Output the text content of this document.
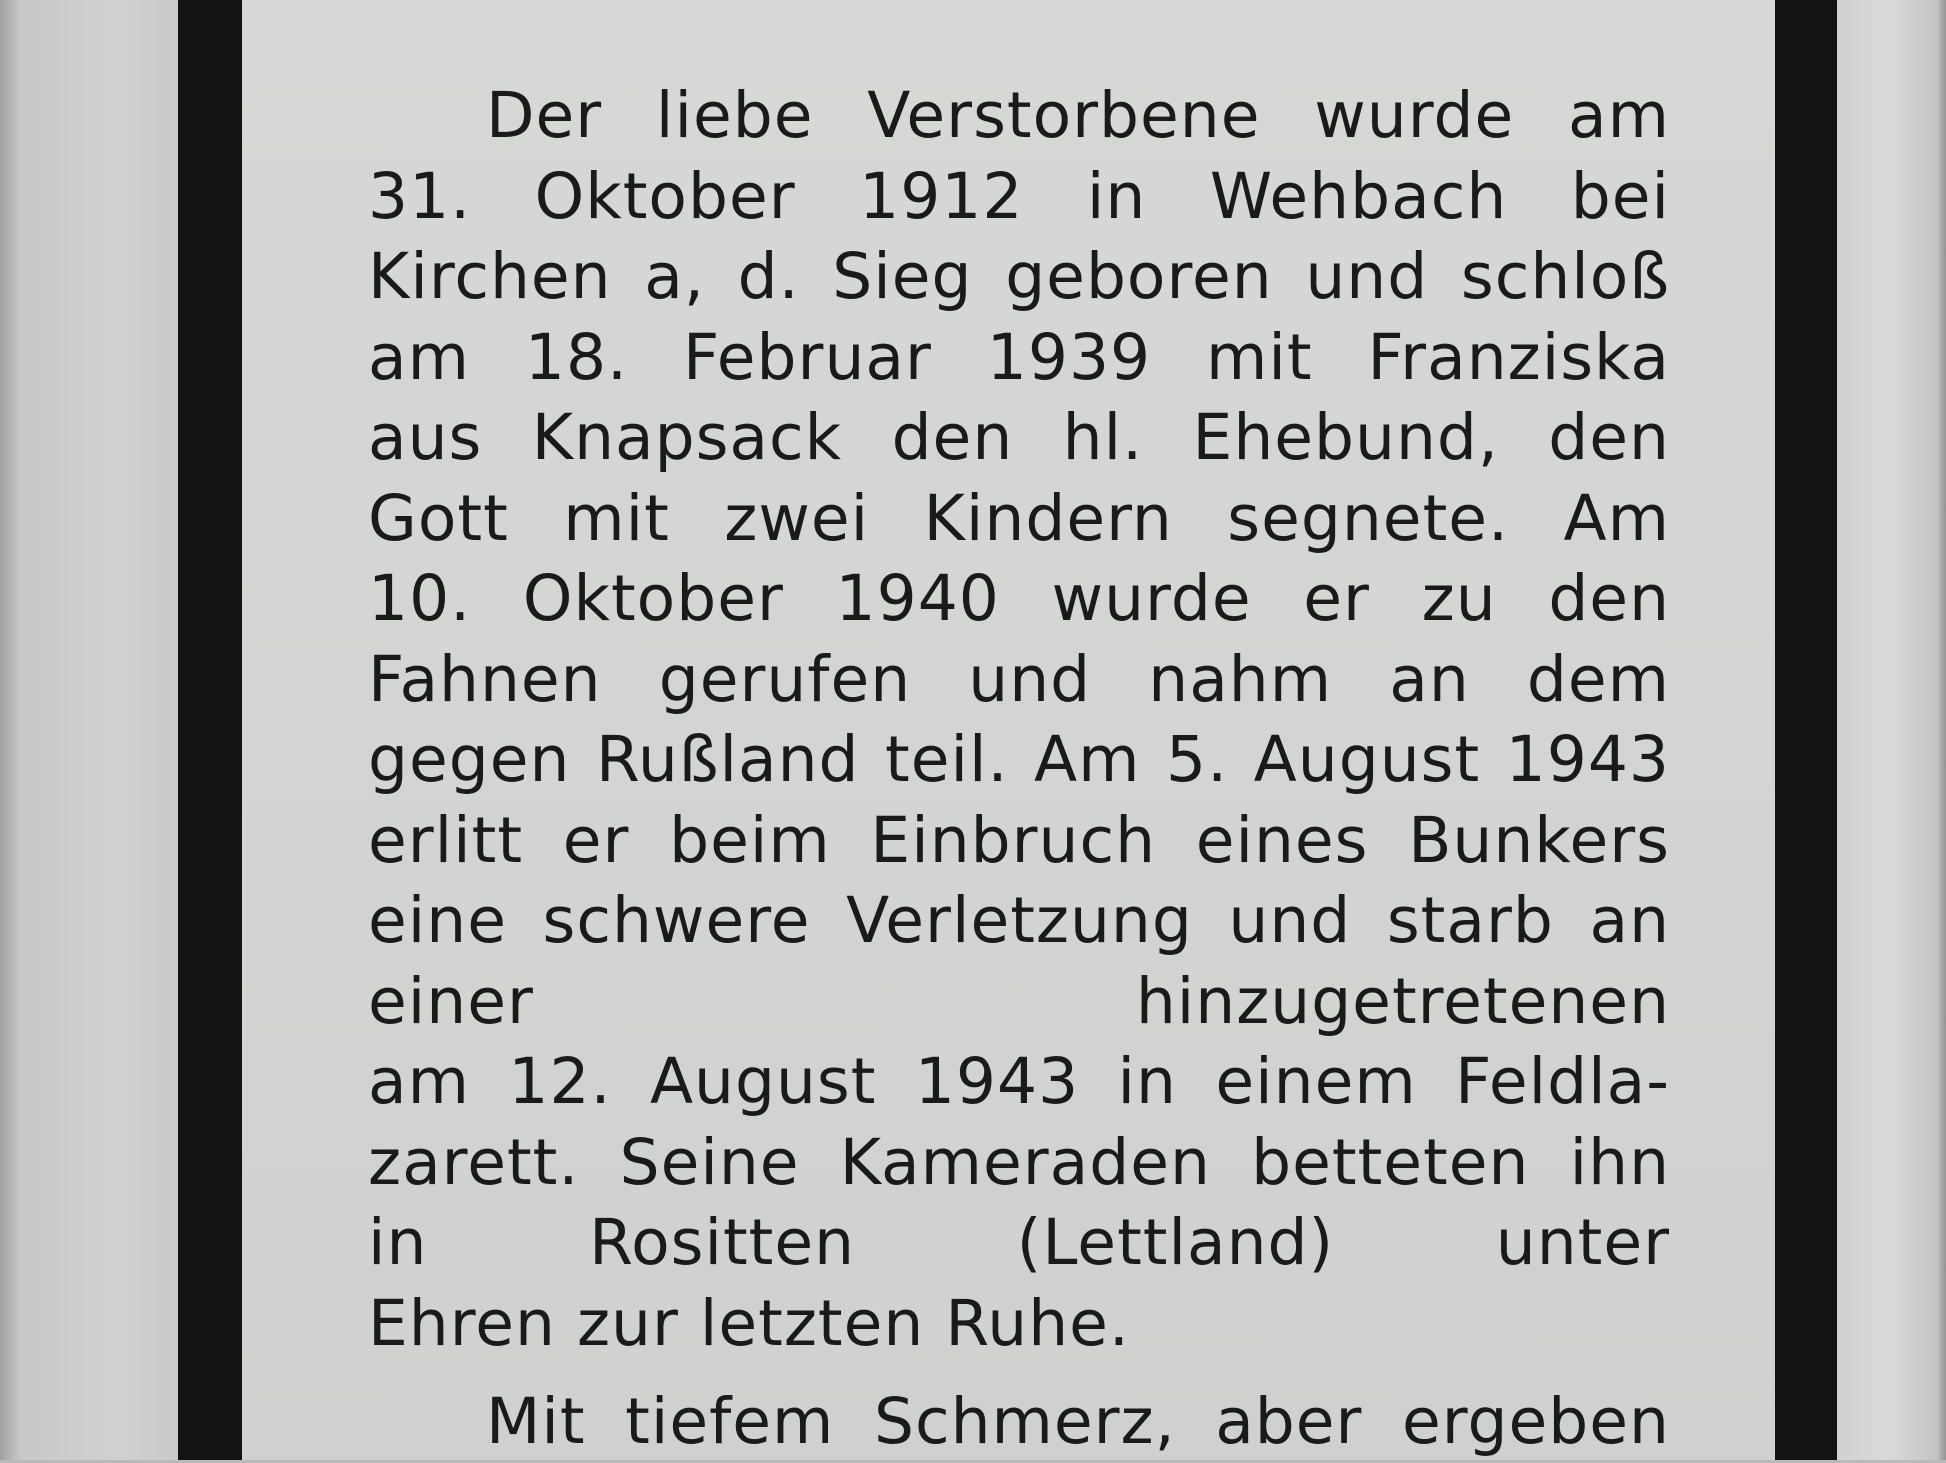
Der liebe Verstorbene wurde am
31. Oktober 1912 in Wehbach bei
Kirchen a, d. Sieg geboren und schloß
am 18. Februar 1939 mit Franziska
aus Knapsack den hl. Ehebund, den
Gott mit zwei Kindern segnete. Am
10. Oktober 1940 wurde er zu den
Fahnen gerufen und nahm an dem
gegen Rußland teil. Am 5. August 1943
erlitt er beim Einbruch eines Bunkers
eine schwere Verletzung und starb an
einer hinzugetretenen
am 12. August 1943 in einem Feldla-
zarett. Seine Kameraden betteten ihn
in Rositten (Lettland) unter
Ehren zur letzten Ruhe.
Mit tiefem Schmerz, aber ergeben
